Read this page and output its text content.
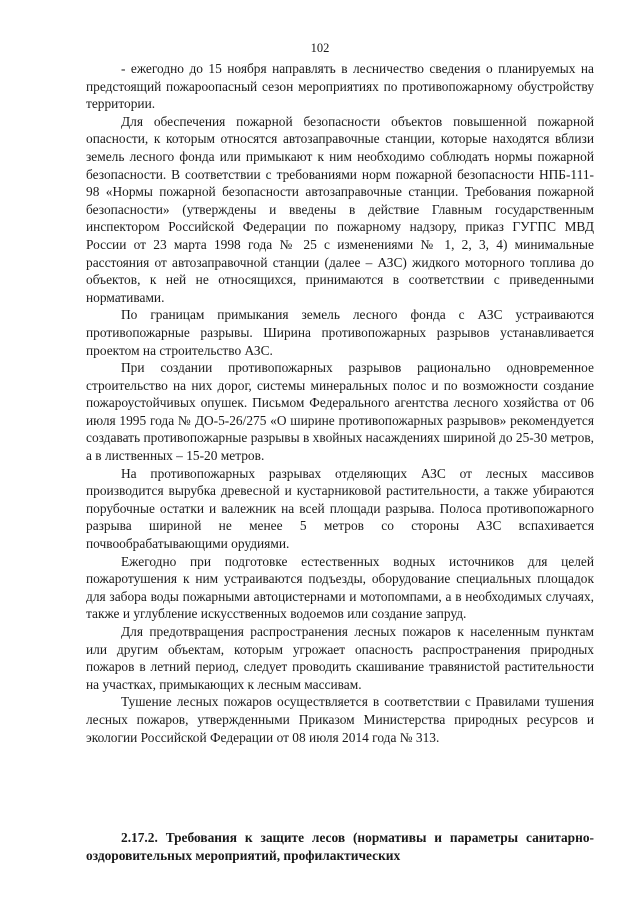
102

- ежегодно до 15 ноября направлять в лесничество сведения о планируемых на предстоящий пожароопасный сезон мероприятиях по противопожарному обустройству территории.

Для обеспечения пожарной безопасности объектов повышенной пожарной опасности, к которым относятся автозаправочные станции, которые находятся вблизи земель лесного фонда или примыкают к ним необходимо соблюдать нормы пожарной безопасности. В соответствии с требованиями норм пожарной безопасности НПБ-111-98 «Нормы пожарной безопасности автозаправочные станции. Требования пожарной безопасности» (утверждены и введены в действие Главным государственным инспектором Российской Федерации по пожарному надзору, приказ ГУГПС МВД России от 23 марта 1998 года № 25 с изменениями № 1, 2, 3, 4) минимальные расстояния от автозаправочной станции (далее – АЗС) жидкого моторного топлива до объектов, к ней не относящихся, принимаются в соответствии с приведенными нормативами.

По границам примыкания земель лесного фонда с АЗС устраиваются противопожарные разрывы. Ширина противопожарных разрывов устанавливается проектом на строительство АЗС.

При создании противопожарных разрывов рационально одновременное строительство на них дорог, системы минеральных полос и по возможности создание пожароустойчивых опушек. Письмом Федерального агентства лесного хозяйства от 06 июля 1995 года № ДО-5-26/275 «О ширине противопожарных разрывов» рекомендуется создавать противопожарные разрывы в хвойных насаждениях шириной до 25-30 метров, а в лиственных – 15-20 метров.

На противопожарных разрывах отделяющих АЗС от лесных массивов производится вырубка древесной и кустарниковой растительности, а также убираются порубочные остатки и валежник на всей площади разрыва. Полоса противопожарного разрыва шириной не менее 5 метров со стороны АЗС вспахивается почвообрабатывающими орудиями.

Ежегодно при подготовке естественных водных источников для целей пожаротушения к ним устраиваются подъезды, оборудование специальных площадок для забора воды пожарными автоцистернами и мотопомпами, а в необходимых случаях, также и углубление искусственных водоемов или создание запруд.

Для предотвращения распространения лесных пожаров к населенным пунктам или другим объектам, которым угрожает опасность распространения природных пожаров в летний период, следует проводить скашивание травянистой растительности на участках, примыкающих к лесным массивам.

Тушение лесных пожаров осуществляется в соответствии с Правилами тушения лесных пожаров, утвержденными Приказом Министерства природных ресурсов и экологии Российской Федерации от 08 июля 2014 года № 313.

2.17.2. Требования к защите лесов (нормативы и параметры санитарно-оздоровительных мероприятий, профилактических
